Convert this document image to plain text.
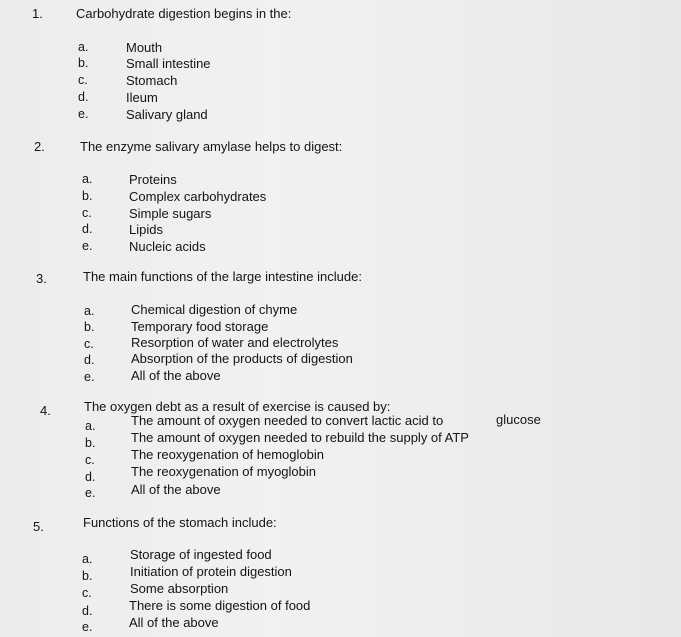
1.	Carbohydrate digestion begins in the:
a.	Mouth
b.	Small intestine
c.	Stomach
d.	Ileum
e.	Salivary gland
2.	The enzyme salivary amylase helps to digest:
a.	Proteins
b.	Complex carbohydrates
c.	Simple sugars
d.	Lipids
e.	Nucleic acids
3.	The main functions of the large intestine include:
a.	Chemical digestion of chyme
b.	Temporary food storage
c.	Resorption of water and electrolytes
d.	Absorption of the products of digestion
e.	All of the above
4.	The oxygen debt as a result of exercise is caused by:
a.	The amount of oxygen needed to convert lactic acid to	glucose
b.	The amount of oxygen needed to rebuild the supply of ATP
c.	The reoxygenation of hemoglobin
d.	The reoxygenation of myoglobin
e.	All of the above
5.	Functions of the stomach include:
a.	Storage of ingested food
b.	Initiation of protein digestion
c.	Some absorption
d.	There is some digestion of food
e.	All of the above
